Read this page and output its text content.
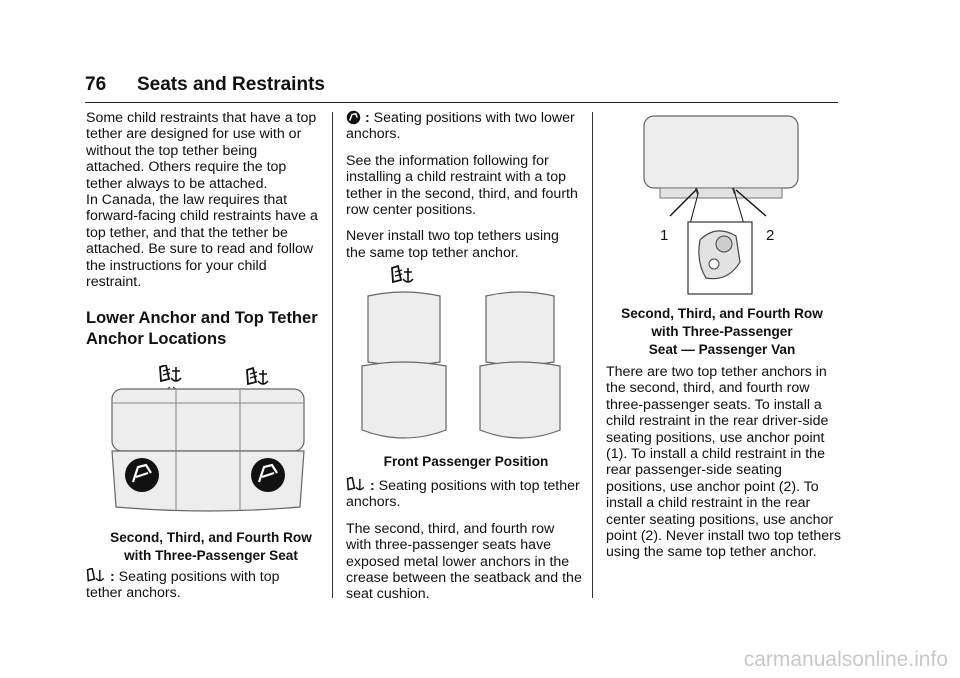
76 Seats and Restraints

Some child restraints that have a top tether are designed for use with or without the top tether being attached. Others require the top tether always to be attached.

In Canada, the law requires that forward-facing child restraints have a top tether, and that the tether be attached. Be sure to read and follow the instructions for your child restraint.

Lower Anchor and Top Tether Anchor Locations
Second, Third, and Fourth Row
with Three-Passenger Seat
: Seating positions with top tether anchors.

: Seating positions with two lower anchors.

See the information following for installing a child restraint with a top tether in the second, third, and fourth row center positions.

Never install two top tethers using the same top tether anchor.

Front Passenger Position

: Seating positions with top tether anchors.

The second, third, and fourth row with three-passenger seats have exposed metal lower anchors in the crease between the seatback and the seat cushion.

1	2
Second, Third, and Fourth Row
with Three-Passenger
Seat — Passenger Van

There are two top tether anchors in the second, third, and fourth row three-passenger seats. To install a child restraint in the rear driver-side seating positions, use anchor point (1). To install a child restraint in the rear passenger-side seating positions, use anchor point (2). To install a child restraint in the rear center seating positions, use anchor point (2). Never install two top tethers using the same top tether anchor.

carmanualsonline.info
